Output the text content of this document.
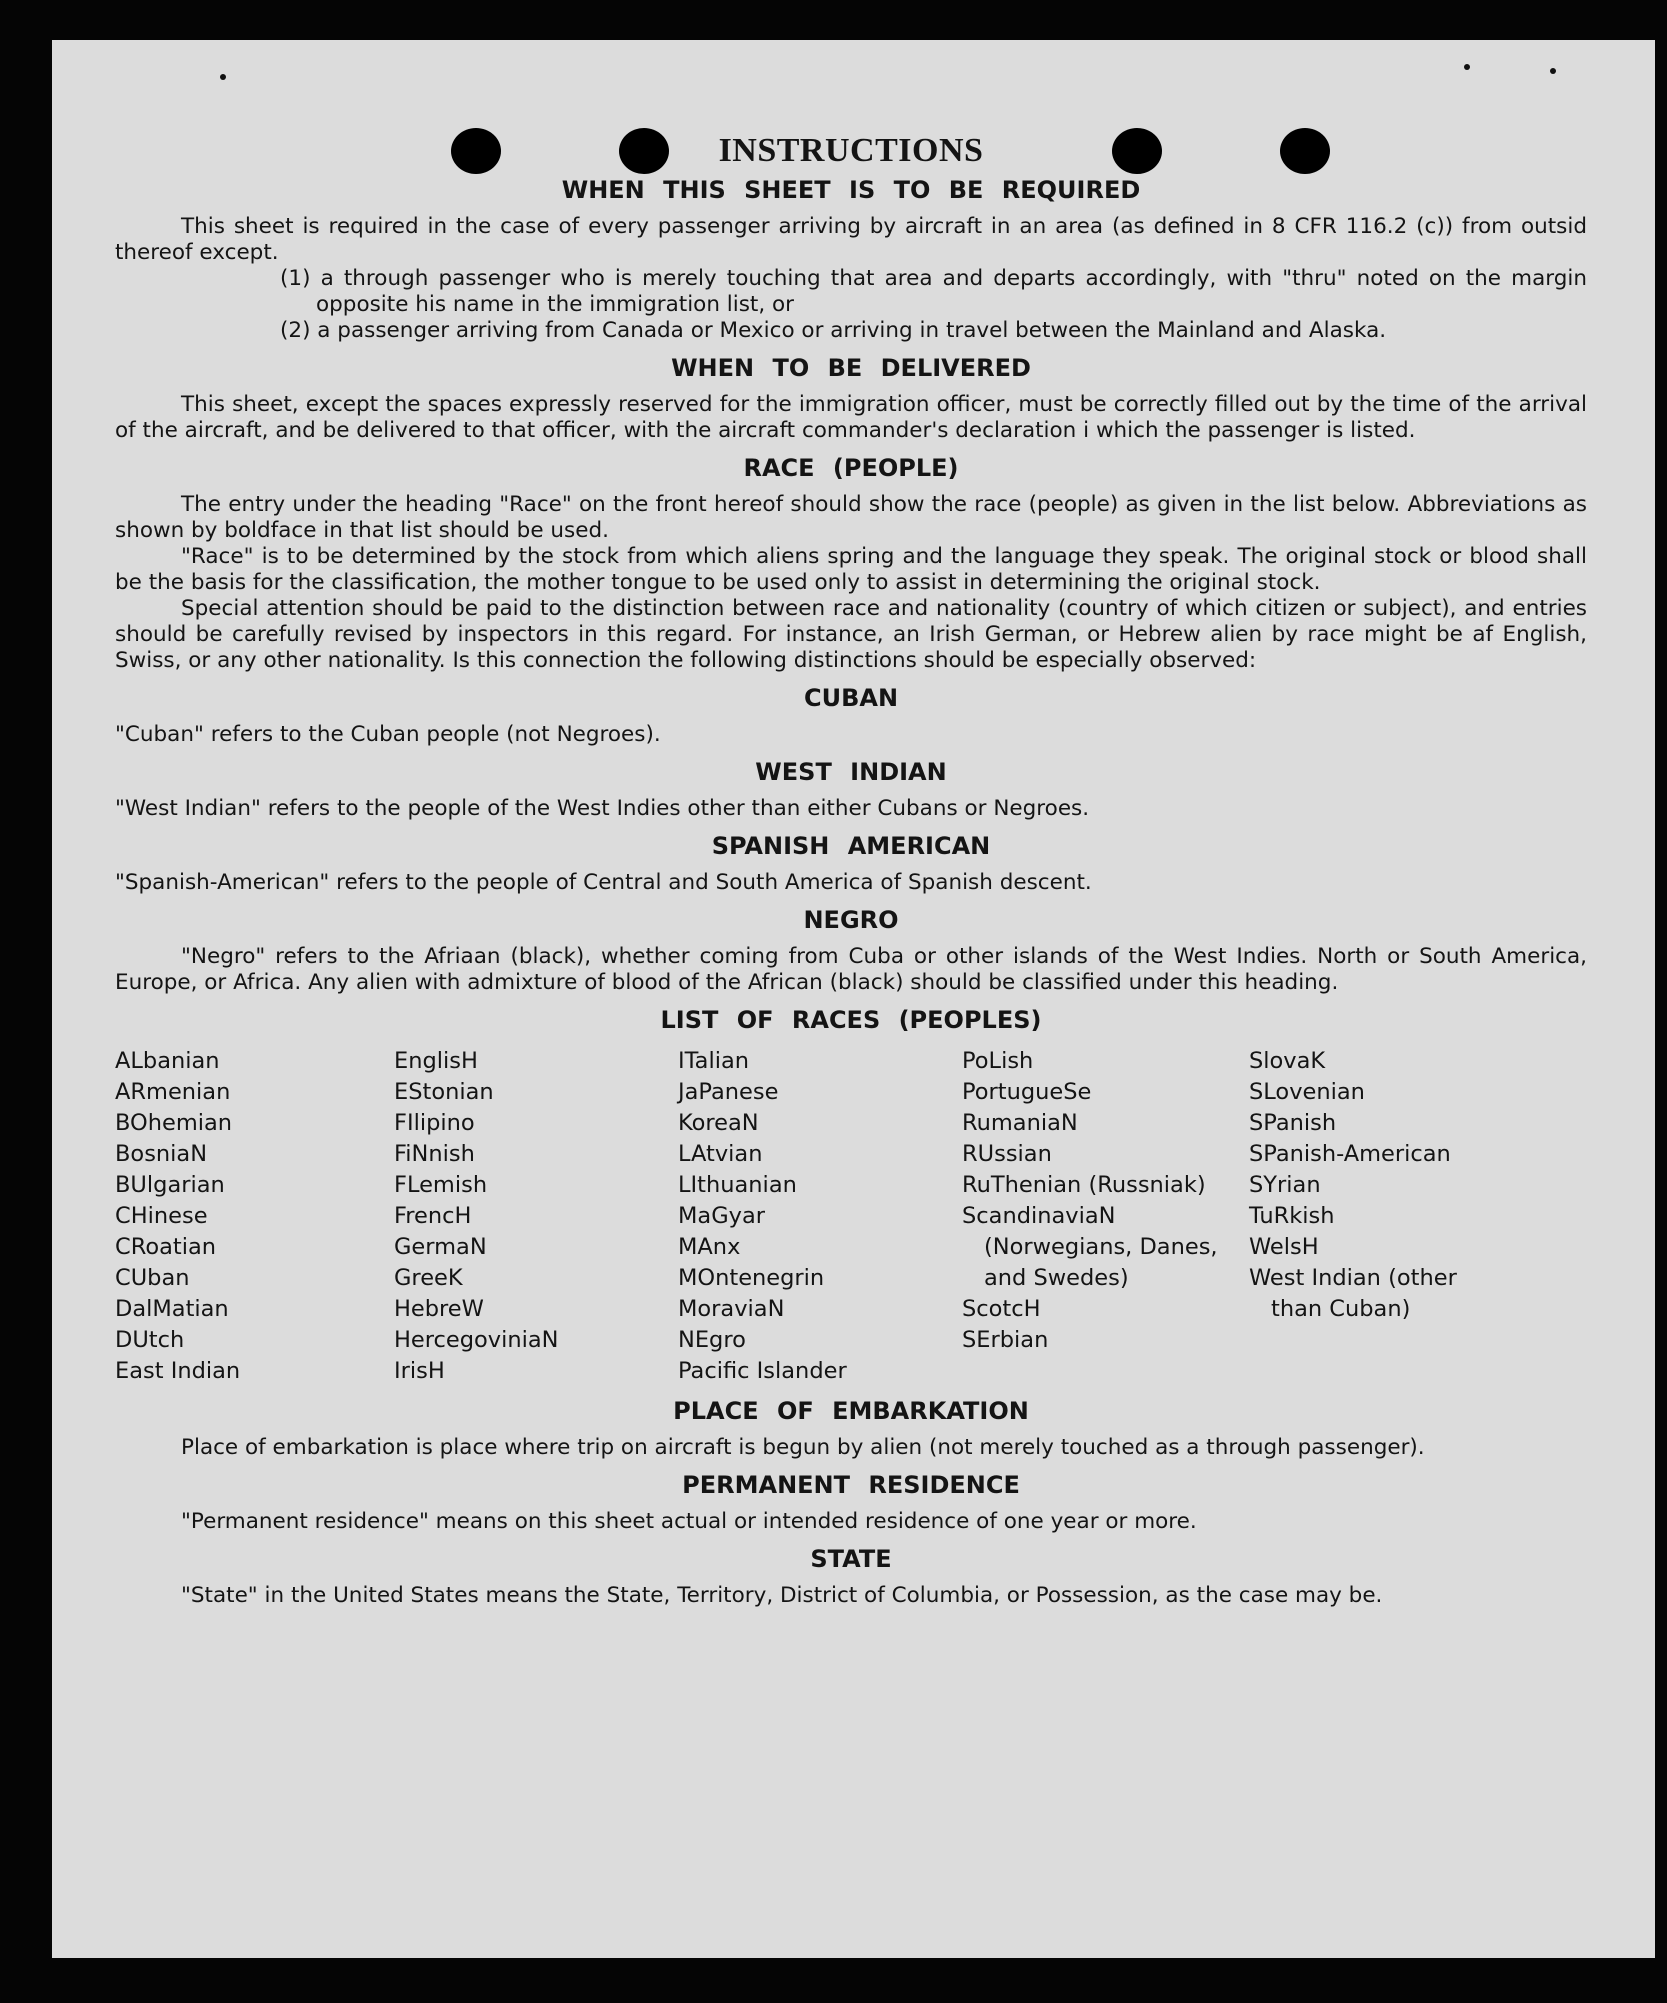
INSTRUCTIONS
WHEN THIS SHEET IS TO BE REQUIRED

This sheet is required in the case of every passenger arriving by aircraft in an area (as defined in 8 CFR 116.2 (c)) from outsid thereof except.

(1) a through passenger who is merely touching that area and departs accordingly, with "thru" noted on the margin opposite his name in the immigration list, or

(2) a passenger arriving from Canada or Mexico or arriving in travel between the Mainland and Alaska.

WHEN TO BE DELIVERED

This sheet, except the spaces expressly reserved for the immigration officer, must be correctly filled out by the time of the arrival of the aircraft, and be delivered to that officer, with the aircraft commander's declaration i which the passenger is listed.

RACE (PEOPLE)

The entry under the heading "Race" on the front hereof should show the race (people) as given in the list below. Abbreviations as shown by boldface in that list should be used.

"Race" is to be determined by the stock from which aliens spring and the language they speak. The original stock or blood shall be the basis for the classification, the mother tongue to be used only to assist in determining the original stock.

Special attention should be paid to the distinction between race and nationality (country of which citizen or subject), and entries should be carefully revised by inspectors in this regard. For instance, an Irish German, or Hebrew alien by race might be af English, Swiss, or any other nationality. Is this connection the following distinctions should be especially observed:

CUBAN

"Cuban" refers to the Cuban people (not Negroes).

WEST INDIAN

"West Indian" refers to the people of the West Indies other than either Cubans or Negroes.

SPANISH AMERICAN

"Spanish-American" refers to the people of Central and South America of Spanish descent.

NEGRO

"Negro" refers to the Afriaan (black), whether coming from Cuba or other islands of the West Indies. North or South America, Europe, or Africa. Any alien with admixture of blood of the African (black) should be classified under this heading.

LIST OF RACES (PEOPLES)
ALbanian
ARmenian
BOhemian
BosniaN
BUlgarian
CHinese
CRoatian
CUban
DalMatian
DUtch
East Indian
EnglisH
EStonian
FIlipino
FiNnish
FLemish
FrencH
GermaN
GreeK
HebreW
HercegoviniaN
IrisH
ITalian
JaPanese
KoreaN
LAtvian
LIthuanian
MaGyar
MAnx
MOntenegrin
MoraviaN
NEgro
Pacific Islander
PoLish
PortugueSe
RumaniaN
RUssian
RuThenian (Russniak)
ScandinaviaN (Norwegians, Danes, and Swedes)
ScotcH
SErbian
SlovaK
SLovenian
SPanish
SPanish-American
SYrian
TuRkish
WelsH
West Indian (other than Cuban)
PLACE OF EMBARKATION

Place of embarkation is place where trip on aircraft is begun by alien (not merely touched as a through passenger).

PERMANENT RESIDENCE

"Permanent residence" means on this sheet actual or intended residence of one year or more.

STATE

"State" in the United States means the State, Territory, District of Columbia, or Possession, as the case may be.
